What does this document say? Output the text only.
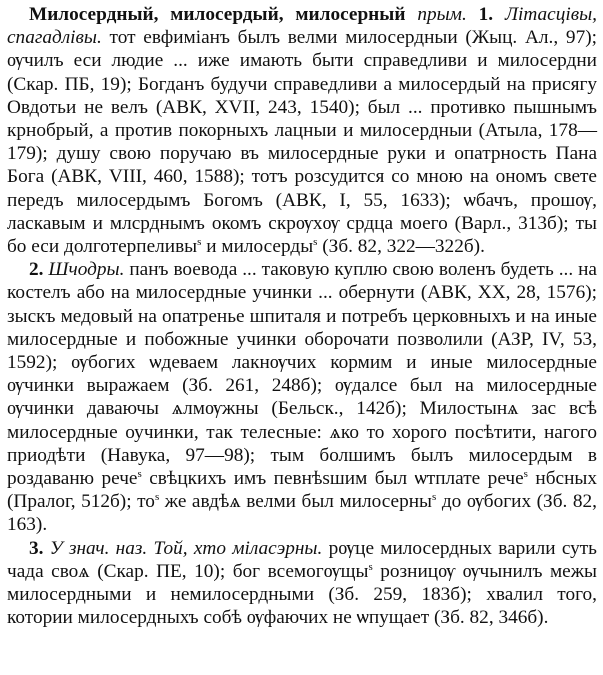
Милосердный, милосердый, милосерный прым. 1. Літасцівы, спагадлівы. тот евфиміанъ былъ велми милосердныи (Жыц. Ал., 97); ѹчилъ еси людие ... иже имають быти справедливи и милосердни (Скар. ПБ, 19); Богданъ будучи справедливи а милосердый на присягу Овдотьи не велъ (АВК, XVII, 243, 1540); был ... противко пышнымъ крнобрый, а против покорныхъ лацныи и милосердныи (Атыла, 178—179); душу свою поручаю въ милосердные руки и опатрность Пана Бога (АВК, VIII, 460, 1588); тотъ розсудится со мною на ономъ свете передъ милосердымъ Богомъ (АВК, I, 55, 1633); ѡбачъ, прошѹ, ласкавым и млсрднымъ окомъ скрѹхѹ срдца моего (Варл., 313б); ты бо еси долготерпеливы$^s$ и милосерды$^s$ (Зб. 82, 322—322б).

2. Шчодры. панъ воевода ... таковую куплю свою воленъ будеть ... на костелъ або на милосердные учинки ... обернути (АВК, XX, 28, 1576); зыскъ медовый на опатренье шпиталя и потребъ церковныхъ и на иные милосердные и побожные учинки оборочати позволили (АЗР, IV, 53, 1592); ѹбогих ѡдеваем лакнѹчих кормим и иные милосердные ѹчинки выражаем (Зб. 261, 248б); ѹдалсе был на милосердные ѹчинки даваючы ѧлмѹжны (Бельск., 142б); Милостынѧ зас всѣ милосердные оучинки, так телесные: ѧко то хорого посѣтити, нагого приодѣти (Навука, 97—98); тым болшимъ былъ милосердым в роздаваню рече$^s$ свѣцкихъ имъ певнѣѕшим был ѡтплате рече$^s$ нбсных (Пралог, 512б); $то^s$ же авдѣѧ велми был милосерны$^s$ до ѹбогих (Зб. 82, 163).

3. У знач. наз. Той, хто міласэрны. рѹце милосердных варили суть чада своѧ (Скар. ПЕ, 10); бог всемогѹщы$^s$ розницѹ ѹчынилъ межы милосердными и немилосердными (Зб. 259, 183б); хвалил того, котории милосердныхъ собѣ ѹфаючих не ѡпущает (Зб. 82, 346б).
